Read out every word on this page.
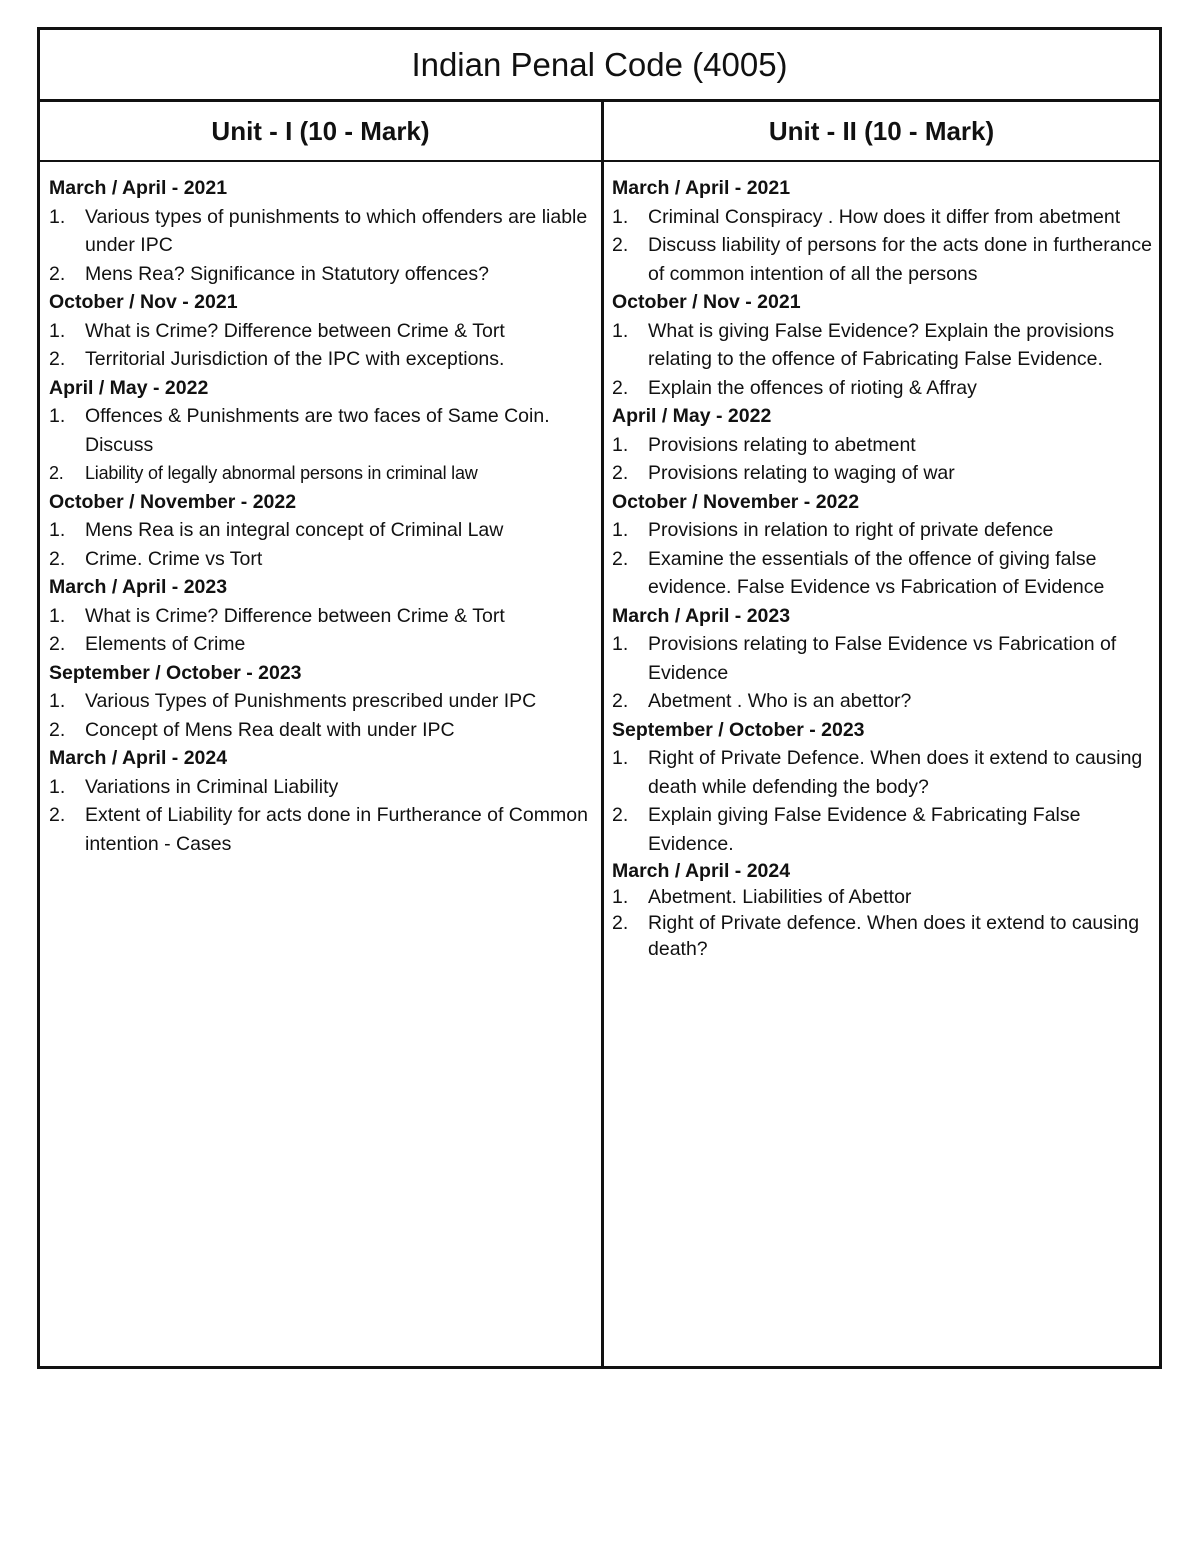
Indian Penal Code (4005)
Unit - I (10 - Mark)	Unit - II (10 - Mark)
March / April - 2021
1. Various types of punishments to which offenders are liable under IPC
2. Mens Rea? Significance in Statutory offences?
October / Nov - 2021
1. What is Crime? Difference between Crime & Tort
2. Territorial Jurisdiction of the IPC with exceptions.
April / May - 2022
1. Offences & Punishments are two faces of Same Coin. Discuss
2. Liability of legally abnormal persons in criminal law
October / November - 2022
1. Mens Rea is an integral concept of Criminal Law
2. Crime. Crime vs Tort
March / April - 2023
1. What is Crime? Difference between Crime & Tort
2. Elements of Crime
September / October - 2023
1. Various Types of Punishments prescribed under IPC
2. Concept of Mens Rea dealt with under IPC
March / April - 2024
1. Variations in Criminal Liability
2. Extent of Liability for acts done in Furtherance of Common intention - Cases
March / April - 2021
1. Criminal Conspiracy . How does it differ from abetment
2. Discuss liability of persons for the acts done in furtherance of common intention of all the persons
October / Nov - 2021
1. What is giving False Evidence? Explain the provisions relating to the offence of Fabricating False Evidence.
2. Explain the offences of rioting & Affray
April / May - 2022
1. Provisions relating to abetment
2. Provisions relating to waging of war
October / November - 2022
1. Provisions in relation to right of private defence
2. Examine the essentials of the offence of giving false evidence. False Evidence vs Fabrication of Evidence
March / April - 2023
1. Provisions relating to False Evidence vs Fabrication of Evidence
2. Abetment . Who is an abettor?
September / October - 2023
1. Right of Private Defence. When does it extend to causing death while defending the body?
2. Explain giving False Evidence & Fabricating False Evidence.
March / April - 2024
1. Abetment. Liabilities of Abettor
2. Right of Private defence. When does it extend to causing death?
